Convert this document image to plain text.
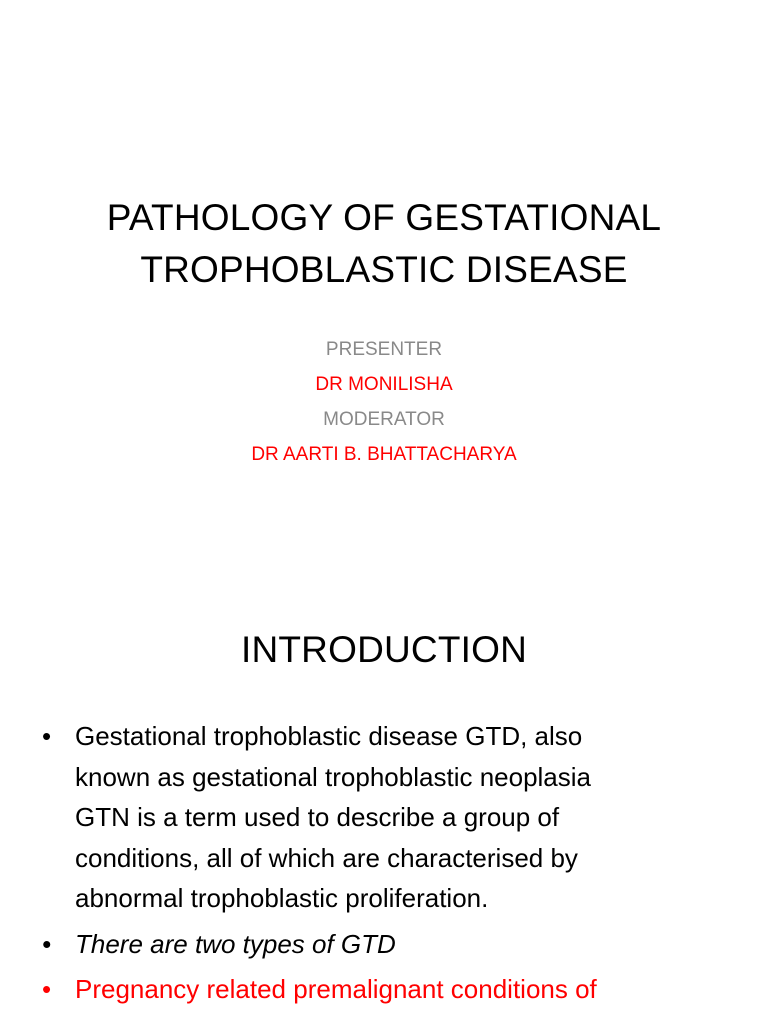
PATHOLOGY OF GESTATIONAL
TROPHOBLASTIC DISEASE
PRESENTER
DR MONILISHA
MODERATOR
DR AARTI B. BHATTACHARYA
INTRODUCTION
• Gestational trophoblastic disease GTD, also
known as gestational trophoblastic neoplasia
GTN is a term used to describe a group of
conditions, all of which are characterised by
abnormal trophoblastic proliferation.
• There are two types of GTD
• Pregnancy related premalignant conditions of
